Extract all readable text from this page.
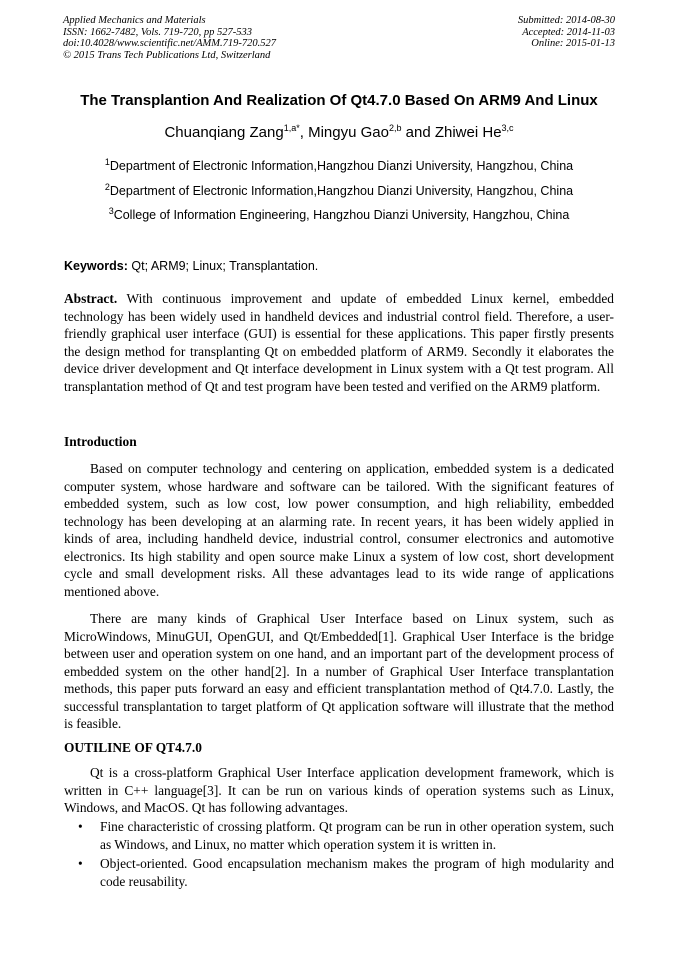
Applied Mechanics and Materials
ISSN: 1662-7482, Vols. 719-720, pp 527-533
doi:10.4028/www.scientific.net/AMM.719-720.527
© 2015 Trans Tech Publications Ltd, Switzerland
Submitted: 2014-08-30
Accepted: 2014-11-03
Online: 2015-01-13
The Transplantion And Realization Of Qt4.7.0 Based On ARM9 And Linux
Chuanqiang Zang$^{1,a*}$, Mingyu Gao$^{2,b}$ and Zhiwei He$^{3,c}$
$^1$Department of Electronic Information,Hangzhou Dianzi University, Hangzhou, China
$^2$Department of Electronic Information,Hangzhou Dianzi University, Hangzhou, China
$^3$College of Information Engineering, Hangzhou Dianzi University, Hangzhou, China
Keywords: Qt; ARM9; Linux; Transplantation.

Abstract. With continuous improvement and update of embedded Linux kernel, embedded technology has been widely used in handheld devices and industrial control field. Therefore, a user-friendly graphical user interface (GUI) is essential for these applications. This paper firstly presents the design method for transplanting Qt on embedded platform of ARM9. Secondly it elaborates the device driver development and Qt interface development in Linux system with a Qt test program. All transplantation method of Qt and test program have been tested and verified on the ARM9 platform.

Introduction

Based on computer technology and centering on application, embedded system is a dedicated computer system, whose hardware and software can be tailored. With the significant features of embedded system, such as low cost, low power consumption, and high reliability, embedded technology has been developing at an alarming rate. In recent years, it has been widely applied in kinds of area, including handheld device, industrial control, consumer electronics and automotive electronics. Its high stability and open source make Linux a system of low cost, short development cycle and small development risks. All these advantages lead to its wide range of applications mentioned above.

There are many kinds of Graphical User Interface based on Linux system, such as MicroWindows, MinuGUI, OpenGUI, and Qt/Embedded[1]. Graphical User Interface is the bridge between user and operation system on one hand, and an important part of the development process of embedded system on the other hand[2]. In a number of Graphical User Interface transplantation methods, this paper puts forward an easy and efficient transplantation method of Qt4.7.0. Lastly, the successful transplantation to target platform of Qt application software will illustrate that the method is feasible.

OUTILINE OF QT4.7.0

Qt is a cross-platform Graphical User Interface application development framework, which is written in C++ language[3]. It can be run on various kinds of operation systems such as Linux, Windows, and MacOS. Qt has following advantages.

• Fine characteristic of crossing platform. Qt program can be run in other operation system, such as Windows, and Linux, no matter which operation system it is written in.
• Object-oriented. Good encapsulation mechanism makes the program of high modularity and code reusability.
